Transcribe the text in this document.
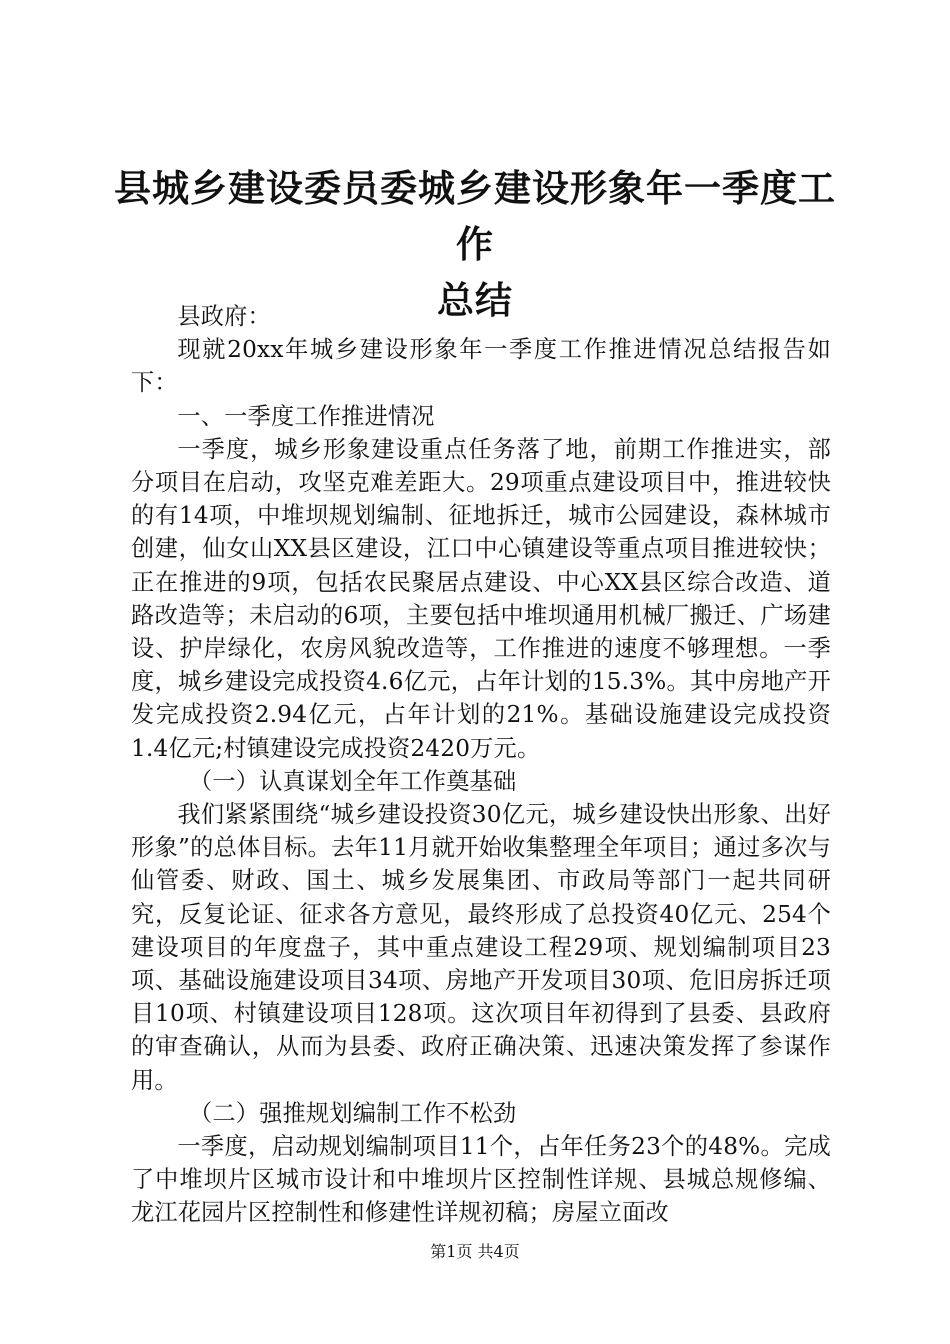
县城乡建设委员委城乡建设形象年一季度工作
总结

县政府：

现就20xx年城乡建设形象年一季度工作推进情况总结报告如下：

一、一季度工作推进情况

一季度，城乡形象建设重点任务落了地，前期工作推进实，部分项目在启动，攻坚克难差距大。29项重点建设项目中，推进较快的有14项，中堆坝规划编制、征地拆迁，城市公园建设，森林城市创建，仙女山XX县区建设，江口中心镇建设等重点项目推进较快；正在推进的9项，包括农民聚居点建设、中心XX县区综合改造、道路改造等；未启动的6项，主要包括中堆坝通用机械厂搬迁、广场建设、护岸绿化，农房风貌改造等，工作推进的速度不够理想。一季度，城乡建设完成投资4.6亿元，占年计划的15.3%。其中房地产开发完成投资2.94亿元，占年计划的21%。基础设施建设完成投资1.4亿元;村镇建设完成投资2420万元。

（一）认真谋划全年工作奠基础

我们紧紧围绕“城乡建设投资30亿元，城乡建设快出形象、出好形象”的总体目标。去年11月就开始收集整理全年项目；通过多次与仙管委、财政、国土、城乡发展集团、市政局等部门一起共同研究，反复论证、征求各方意见，最终形成了总投资40亿元、254个建设项目的年度盘子，其中重点建设工程29项、规划编制项目23项、基础设施建设项目34项、房地产开发项目30项、危旧房拆迁项目10项、村镇建设项目128项。这次项目年初得到了县委、县政府的审查确认，从而为县委、政府正确决策、迅速决策发挥了参谋作用。

（二）强推规划编制工作不松劲

一季度，启动规划编制项目11个，占年任务23个的48%。完成了中堆坝片区城市设计和中堆坝片区控制性详规、县城总规修编、龙江花园片区控制性和修建性详规初稿；房屋立面改

第1页 共4页
